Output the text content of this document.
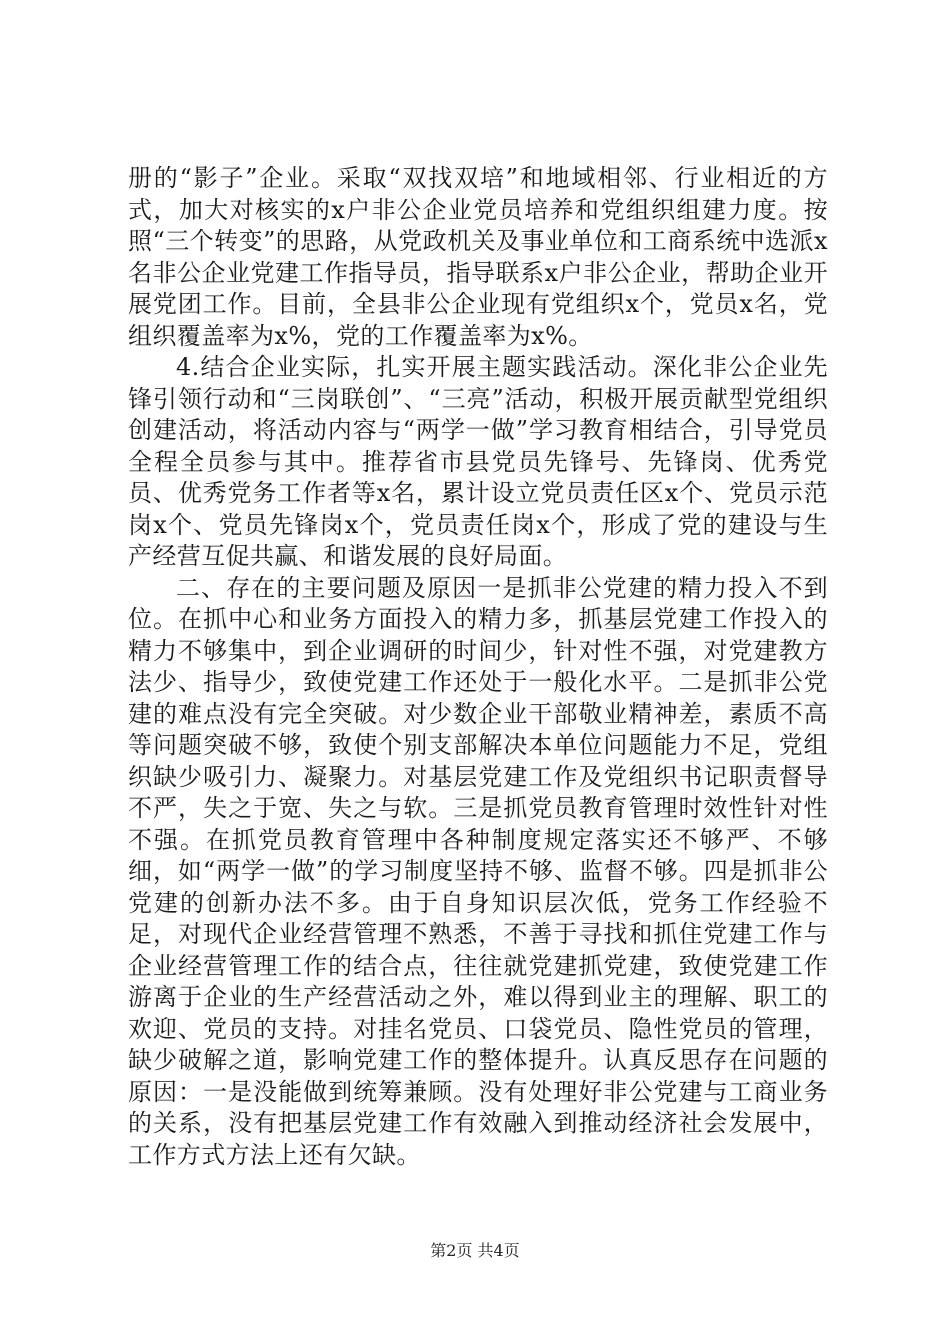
册的“影子”企业。采取“双找双培”和地域相邻、行业相近的方式，加大对核实的x户非公企业党员培养和党组织组建力度。按照“三个转变”的思路，从党政机关及事业单位和工商系统中选派x名非公企业党建工作指导员，指导联系x户非公企业，帮助企业开展党团工作。目前，全县非公企业现有党组织x个，党员x名，党组织覆盖率为x%，党的工作覆盖率为x%。

4.结合企业实际，扎实开展主题实践活动。深化非公企业先锋引领行动和“三岗联创”、“三亮”活动，积极开展贡献型党组织创建活动，将活动内容与“两学一做”学习教育相结合，引导党员全程全员参与其中。推荐省市县党员先锋号、先锋岗、优秀党员、优秀党务工作者等x名，累计设立党员责任区x个、党员示范岗x个、党员先锋岗x个，党员责任岗x个，形成了党的建设与生产经营互促共赢、和谐发展的良好局面。

二、存在的主要问题及原因一是抓非公党建的精力投入不到位。在抓中心和业务方面投入的精力多，抓基层党建工作投入的精力不够集中，到企业调研的时间少，针对性不强，对党建教方法少、指导少，致使党建工作还处于一般化水平。二是抓非公党建的难点没有完全突破。对少数企业干部敬业精神差，素质不高等问题突破不够，致使个别支部解决本单位问题能力不足，党组织缺少吸引力、凝聚力。对基层党建工作及党组织书记职责督导不严，失之于宽、失之与软。三是抓党员教育管理时效性针对性不强。在抓党员教育管理中各种制度规定落实还不够严、不够细，如“两学一做”的学习制度坚持不够、监督不够。四是抓非公党建的创新办法不多。由于自身知识层次低，党务工作经验不足，对现代企业经营管理不熟悉，不善于寻找和抓住党建工作与企业经营管理工作的结合点，往往就党建抓党建，致使党建工作游离于企业的生产经营活动之外，难以得到业主的理解、职工的欢迎、党员的支持。对挂名党员、口袋党员、隐性党员的管理，缺少破解之道，影响党建工作的整体提升。认真反思存在问题的原因：一是没能做到统筹兼顾。没有处理好非公党建与工商业务的关系，没有把基层党建工作有效融入到推动经济社会发展中，工作方式方法上还有欠缺。

第2页 共4页
